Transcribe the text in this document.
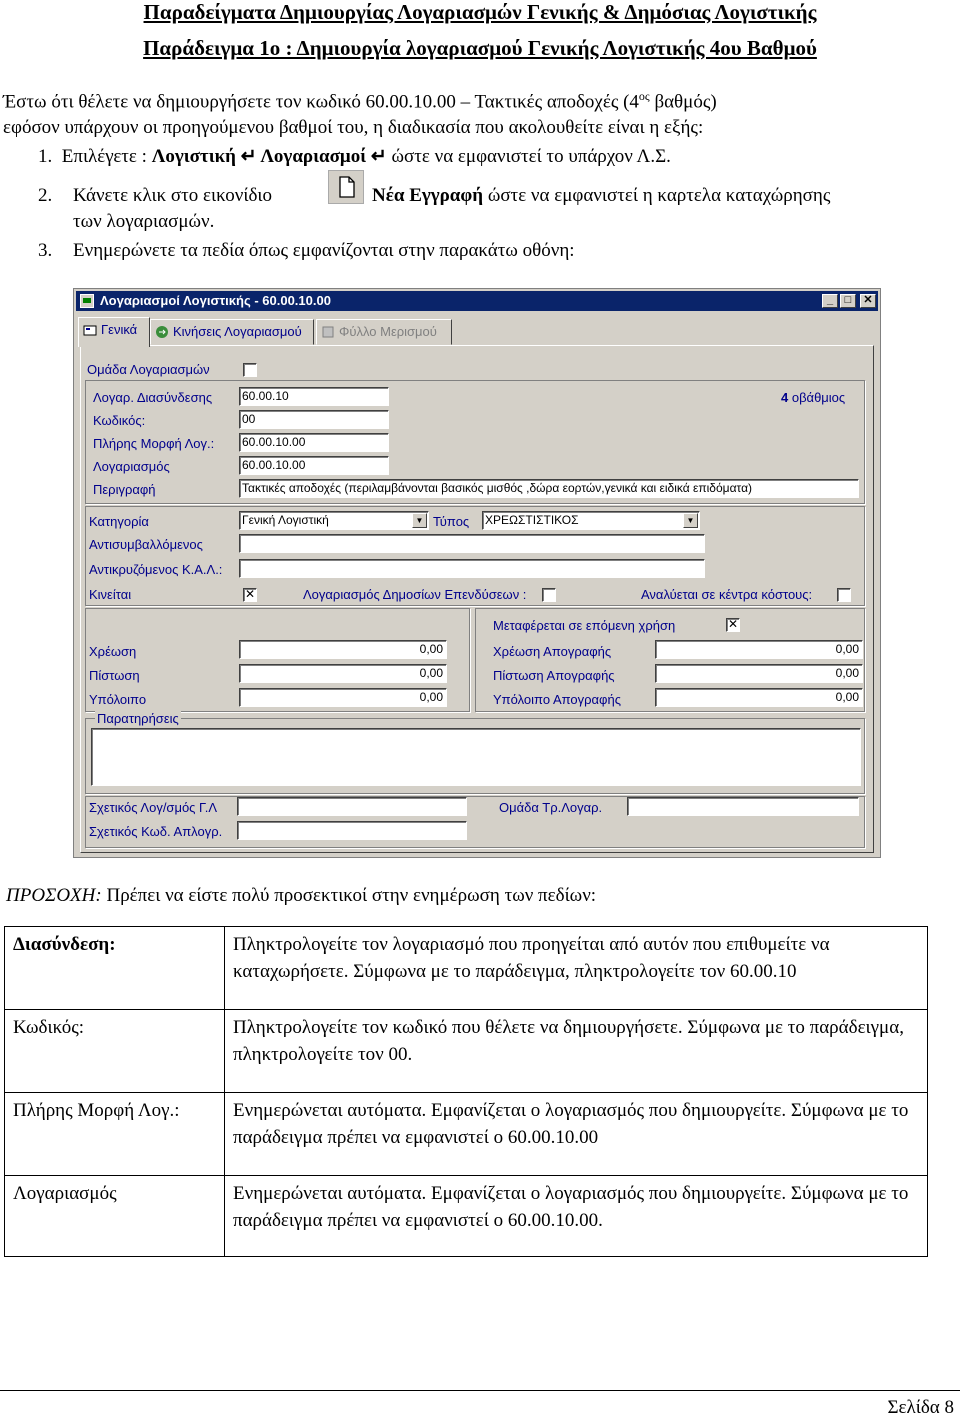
Παραδείγματα Δημιουργίας Λογαριασμών Γενικής & Δημόσιας Λογιστικής
Παράδειγμα 1ο : Δημιουργία λογαριασμού Γενικής Λογιστικής 4ου Βαθμού
Έστω ότι θέλετε να δημιουργήσετε τον κωδικό 60.00.10.00 – Τακτικές αποδοχές ($4^{o\varsigma}$ βαθμός)
εφόσον υπάρχουν οι προηγούμενου βαθμοί του, η διαδικασία που ακολουθείτε είναι η εξής:
1. Επιλέγετε : Λογιστική ↵ Λογαριασμοί ↵ ώστε να εμφανιστεί το υπάρχον Λ.Σ.
2. Κάνετε κλικ στο εικονίδιο	Νέα Εγγραφή ώστε να εμφανιστεί η καρτελα καταχώρησης
των λογαριασμών.
3. Ενημερώνετε τα πεδία όπως εμφανίζονται στην παρακάτω οθόνη:
Λογαριασμοί Λογιστικής - 60.00.10.00	_	□	✕
Γενικά	Κινήσεις Λογαριασμού	Φύλλο Μερισμού
Ομάδα Λογαριασμών
Λογαρ. Διασύνδεσης 60.00.10	4 οβάθμιος
Κωδικός:	00
Πλήρης Μορφή Λογ.: 60.00.10.00
Λογαριασμός	60.00.10.00
Περιγραφή	Τακτικές αποδοχές (περιλαμβάνονται βασικός μισθός ,δώρα εορτών,γενικά και ειδικά επιδόματα)
Κατηγορία	Γενική Λογιστική	▼ Τύπος ΧΡΕΩΣΤΙΣΤΙΚΟΣ	▼
Αντισυμβαλλόμενος
Αντικρυζόμενος Κ.Α.Λ.:
Κινείται	✕	Λογαριασμός Δημοσίων Επενδύσεων :	Αναλύεται σε κέντρα κόστους:
Χρέωση	0,00
Πίστωση	0,00
Υπόλοιπο	0,00
Μεταφέρεται σε επόμενη χρήση	✕
Χρέωση Απογραφής	0,00
Πίστωση Απογραφής	0,00
Υπόλοιπο Απογραφής	0,00
Παρατηρήσεις
Σχετικός Λογ/σμός Γ.Λ	Ομάδα Τρ.Λογαρ.
Σχετικός Κωδ. Απλογρ.
ΠΡΟΣΟΧΗ: Πρέπει να είστε πολύ προσεκτικοί στην ενημέρωση των πεδίων:
Διασύνδεση:	Πληκτρολογείτε τον λογαριασμό που προηγείται από αυτόν που επιθυμείτε να καταχωρήσετε. Σύμφωνα με το παράδειγμα, πληκτρολογείτε τον 60.00.10
Κωδικός:	Πληκτρολογείτε τον κωδικό που θέλετε να δημιουργήσετε. Σύμφωνα με το παράδειγμα, πληκτρολογείτε τον 00.
Πλήρης Μορφή Λογ.:	Ενημερώνεται αυτόματα. Εμφανίζεται ο λογαριασμός που δημιουργείτε. Σύμφωνα με το παράδειγμα πρέπει να εμφανιστεί ο 60.00.10.00
Λογαριασμός	Ενημερώνεται αυτόματα. Εμφανίζεται ο λογαριασμός που δημιουργείτε. Σύμφωνα με το παράδειγμα πρέπει να εμφανιστεί ο 60.00.10.00.
Σελίδα 8
